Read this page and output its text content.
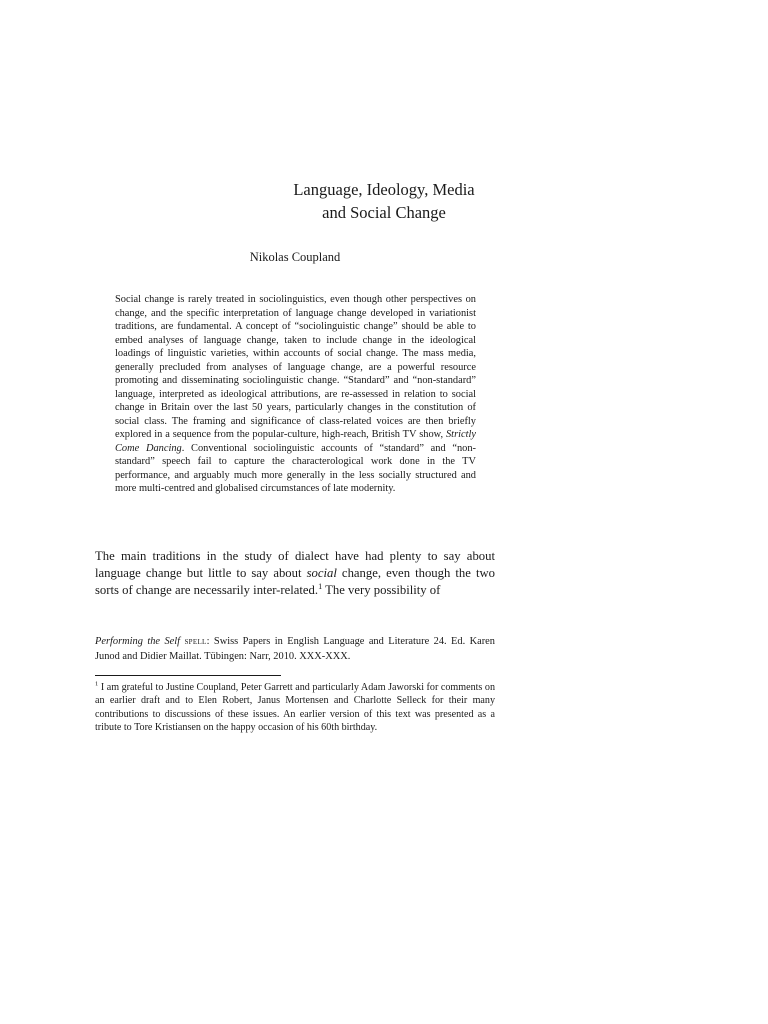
Language, Ideology, Media
and Social Change

Nikolas Coupland

Social change is rarely treated in sociolinguistics, even though other perspectives on change, and the specific interpretation of language change developed in variationist traditions, are fundamental. A concept of “sociolinguistic change” should be able to embed analyses of language change, taken to include change in the ideological loadings of linguistic varieties, within accounts of social change. The mass media, generally precluded from analyses of language change, are a powerful resource promoting and disseminating sociolinguistic change. “Standard” and “non-standard” language, interpreted as ideological attributions, are re-assessed in relation to social change in Britain over the last 50 years, particularly changes in the constitution of social class. The framing and significance of class-related voices are then briefly explored in a sequence from the popular-culture, high-reach, British TV show, Strictly Come Dancing. Conventional sociolinguistic accounts of “standard” and “non-standard” speech fail to capture the characterological work done in the TV performance, and arguably much more generally in the less socially structured and more multi-centred and globalised circumstances of late modernity.

The main traditions in the study of dialect have had plenty to say about language change but little to say about social change, even though the two sorts of change are necessarily inter-related.$^1$ The very possibility of

Performing the Self spell: Swiss Papers in English Language and Literature 24. Ed. Karen Junod and Didier Maillat. Tübingen: Narr, 2010. XXX-XXX.

$^1$ I am grateful to Justine Coupland, Peter Garrett and particularly Adam Jaworski for comments on an earlier draft and to Elen Robert, Janus Mortensen and Charlotte Selleck for their many contributions to discussions of these issues. An earlier version of this text was presented as a tribute to Tore Kristiansen on the happy occasion of his 60th birthday.
